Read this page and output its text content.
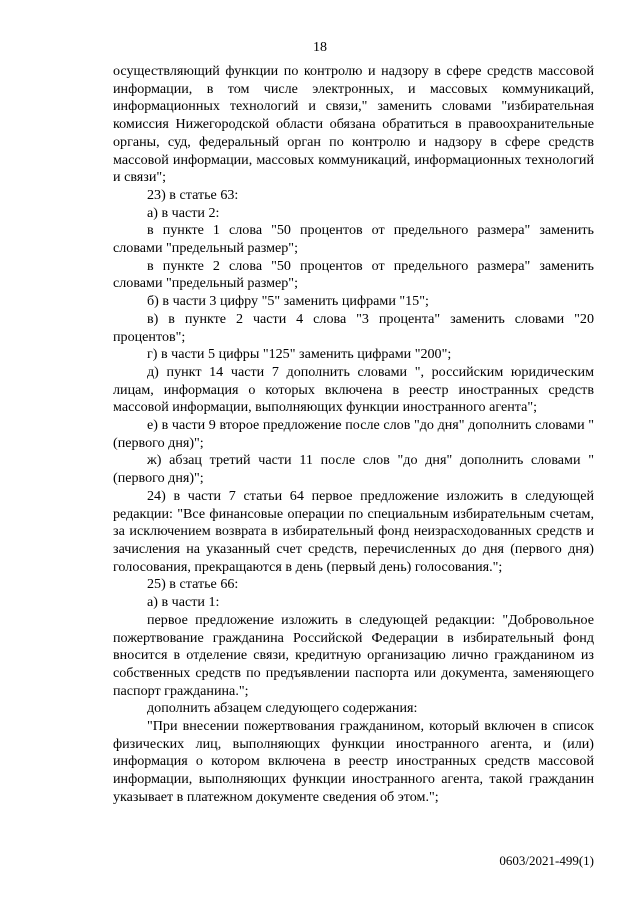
18

осуществляющий функции по контролю и надзору в сфере средств массовой информации, в том числе электронных, и массовых коммуникаций, информационных технологий и связи," заменить словами "избирательная комиссия Нижегородской области обязана обратиться в правоохранительные органы, суд, федеральный орган по контролю и надзору в сфере средств массовой информации, массовых коммуникаций, информационных технологий и связи";

23) в статье 63:

а) в части 2:

в пункте 1 слова "50 процентов от предельного размера" заменить словами "предельный размер";

в пункте 2 слова "50 процентов от предельного размера" заменить словами "предельный размер";

б) в части 3 цифру "5" заменить цифрами "15";

в) в пункте 2 части 4 слова "3 процента" заменить словами "20 процентов";

г) в части 5 цифры "125" заменить цифрами "200";

д) пункт 14 части 7 дополнить словами ", российским юридическим лицам, информация о которых включена в реестр иностранных средств массовой информации, выполняющих функции иностранного агента";

е) в части 9 второе предложение после слов "до дня" дополнить словами "(первого дня)";

ж) абзац третий части 11 после слов "до дня" дополнить словами "(первого дня)";

24) в части 7 статьи 64 первое предложение изложить в следующей редакции: "Все финансовые операции по специальным избирательным счетам, за исключением возврата в избирательный фонд неизрасходованных средств и зачисления на указанный счет средств, перечисленных до дня (первого дня) голосования, прекращаются в день (первый день) голосования.";

25) в статье 66:

а) в части 1:

первое предложение изложить в следующей редакции: "Добровольное пожертвование гражданина Российской Федерации в избирательный фонд вносится в отделение связи, кредитную организацию лично гражданином из собственных средств по предъявлении паспорта или документа, заменяющего паспорт гражданина.";

дополнить абзацем следующего содержания:

"При внесении пожертвования гражданином, который включен в список физических лиц, выполняющих функции иностранного агента, и (или) информация о котором включена в реестр иностранных средств массовой информации, выполняющих функции иностранного агента, такой гражданин указывает в платежном документе сведения об этом.";

0603/2021-499(1)
